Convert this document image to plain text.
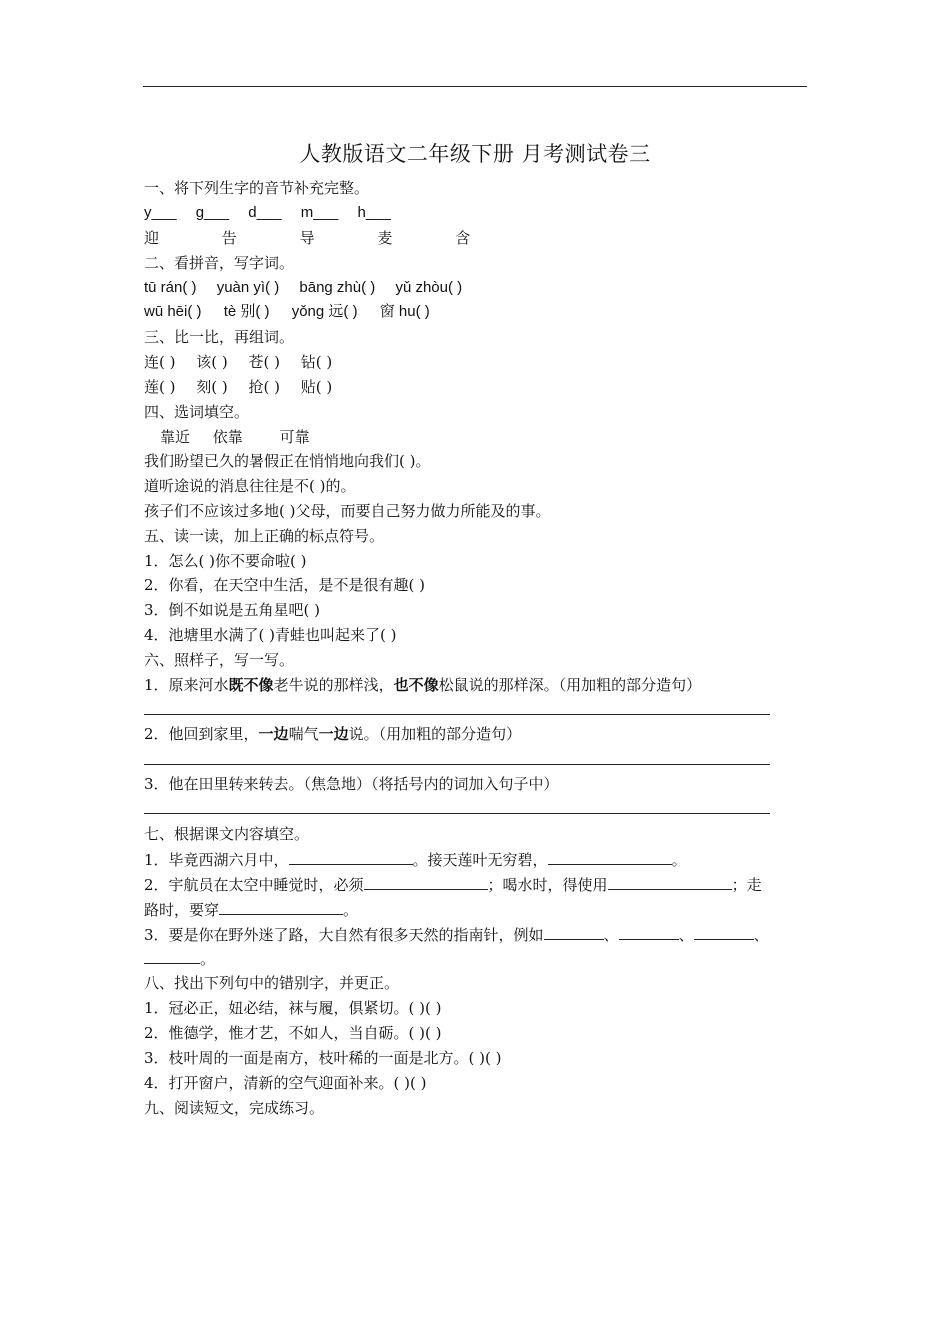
人教版语文二年级下册 月考测试卷三
一、将下列生字的音节补充完整。
y___ g___ d___ m___ h___
迎	告	导	麦	含
二、看拼音，写字词。
tū rán( ) yuàn yì( ) bāng zhù( ) yǔ zhòu( )
wū hēi( ) tè 别( ) yǒng 远( ) 窗 hu( )
三、比一比，再组词。
连( ) 该( ) 苍( ) 钻( )
莲( ) 刻( ) 抢( ) 贴( )
四、选词填空。
靠近 依靠 可靠
我们盼望已久的暑假正在悄悄地向我们( )。
道听途说的消息往往是不( )的。
孩子们不应该过多地( )父母，而要自己努力做力所能及的事。
五、读一读，加上正确的标点符号。
1．怎么( )你不要命啦( )
2．你看，在天空中生活，是不是很有趣( )
3．倒不如说是五角星吧( )
4．池塘里水满了( )青蛙也叫起来了( )
六、照样子，写一写。
1．原来河水既不像老牛说的那样浅，也不像松鼠说的那样深。（用加粗的部分造句）
2．他回到家里，一边喘气一边说。（用加粗的部分造句）
3．他在田里转来转去。（焦急地）（将括号内的词加入句子中）
七、根据课文内容填空。
1．毕竟西湖六月中，	。接天莲叶无穷碧，	。
2．宇航员在太空中睡觉时，必须	；喝水时，得使用	；走
路时，要穿	。
3．要是你在野外迷了路，大自然有很多天然的指南针，例如	、	、	、
。
八、找出下列句中的错别字，并更正。
1．冠必正，妞必结，袜与履，俱紧切。( )( )
2．惟德学，惟才艺，不如人，当自砺。( )( )
3．枝叶周的一面是南方，枝叶稀的一面是北方。( )( )
4．打开窗户，清新的空气迎面补来。( )( )
九、阅读短文，完成练习。
